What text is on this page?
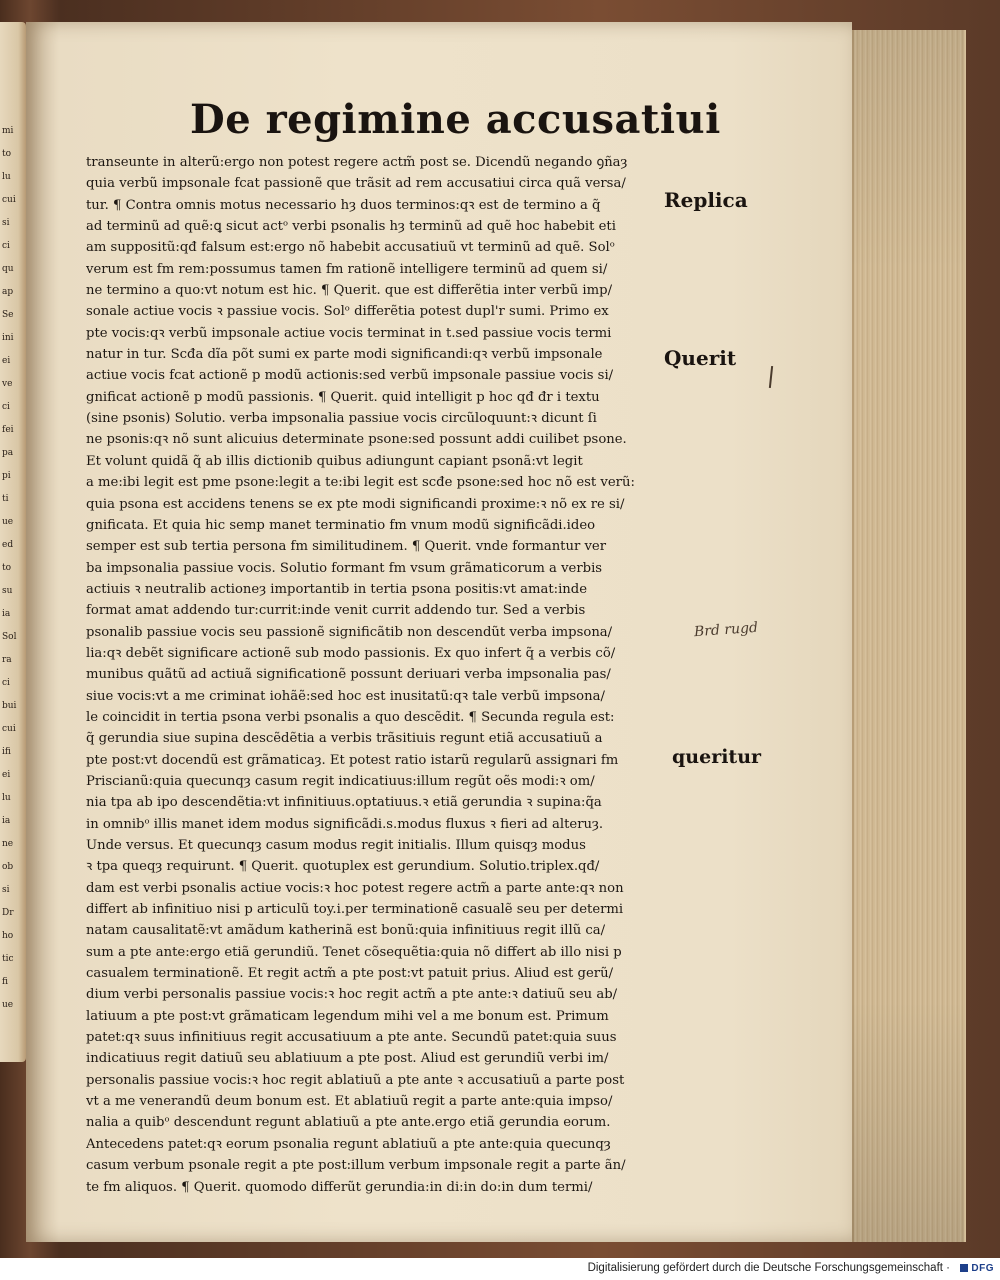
mi
to
lu
cui
si
ci
qu
ap
Se
ini
ei
ve
ci
fei
pa
pi
ti
ue
ed
to
su
ia
Sol
ra
ci
bui
cui
ifi
ei
lu
ia
ne
ob
si
Dr
ho
tic
fi
ue
De regimine accusatiui
transeunte in alterũ:ergo non potest regere actm̃ post se. Dicendũ negando ꝯñaȝ
quia verbũ impsonale fcat passionẽ que trãsit ad rem accusatiui circa quã versa/
tur. ¶ Contra omnis motus necessario hȝ duos terminos:qꝛ est de termino a q̃
ad terminũ ad quẽ:ꝗ sicut actᵒ verbi psonalis hȝ terminũ ad quẽ hoc habebit eti
am suppositũ:qđ falsum est:ergo nõ habebit accusatiuũ vt terminũ ad quẽ. Solᵒ
verum est fm rem:possumus tamen fm rationẽ intelligere terminũ ad quem si/
ne termino a quo:vt notum est hic. ¶ Querit. que est differẽtia inter verbũ imp/
sonale actiue vocis ꝛ passiue vocis. Solᵒ differẽtia potest dupl'r sumi. Primo ex
pte vocis:qꝛ verbũ impsonale actiue vocis terminat in t.sed passiue vocis termi
natur in tur. Scđa dĩa põt sumi ex parte modi significandi:qꝛ verbũ impsonale
actiue vocis fcat actionẽ p modũ actionis:sed verbũ impsonale passiue vocis si/
gnificat actionẽ p modũ passionis. ¶ Querit. quid intelligit p hoc qđ đr i textu
(sine psonis) Solutio. verba impsonalia passiue vocis circũloquunt:ꝛ dicunt ſi
ne psonis:qꝛ nõ sunt alicuius determinate psone:sed possunt addi cuilibet psone.
Et volunt quidã q̃ ab illis dictionib quibus adiungunt capiant psonã:vt legit
a me:ibi legit est pme psone:legit a te:ibi legit est scđe psone:sed hoc nõ est verũ:
quia psona est accidens tenens se ex pte modi significandi proxime:ꝛ nõ ex re si/
gnificata. Et quia hic semp manet terminatio fm vnum modũ significãdi.ideo
semper est sub tertia persona fm similitudinem. ¶ Querit. vnde formantur ver
ba impsonalia passiue vocis. Solutio formant fm vsum grãmaticorum a verbis
actiuis ꝛ neutralib actioneȝ importantib in tertia psona positis:vt amat:inde
format amat addendo tur:currit:inde venit currit addendo tur. Sed a verbis
psonalib passiue vocis seu passionẽ significãtib non descendũt verba impsona/
lia:qꝛ debẽt significare actionẽ sub modo passionis. Ex quo infert q̃ a verbis cõ/
munibus quãtũ ad actiuã significationẽ possunt deriuari verba impsonalia pas/
siue vocis:vt a me criminat iohãẽ:sed hoc est inusitatũ:qꝛ tale verbũ impsona/
le coincidit in tertia psona verbi psonalis a quo descẽdit. ¶ Secunda regula est:
q̃ gerundia siue supina descẽdẽtia a verbis trãsitiuis regunt etiã accusatiuũ a
pte post:vt docendũ est grãmaticaȝ. Et potest ratio istarũ regularũ assignari fm
Priscianũ:quia quecunqȝ casum regit indicatiuus:illum regũt oẽs modi:ꝛ om/
nia tpa ab ipo descendẽtia:vt infinitiuus.optatiuus.ꝛ etiã gerundia ꝛ supina:q̃a
in omnibᵒ illis manet idem modus significãdi.s.modus fluxus ꝛ fieri ad alteruȝ.
Unde versus. Et quecunqȝ casum modus regit initialis. Illum quisqȝ modus
ꝛ tpa queqȝ requirunt. ¶ Querit. quotuplex est gerundium. Solutio.triplex.qđ/
dam est verbi psonalis actiue vocis:ꝛ hoc potest regere actm̃ a parte ante:qꝛ non
differt ab infinitiuo nisi p articulũ toy.i.per terminationẽ casualẽ seu per determi
natam causalitatẽ:vt amãdum katherinã est bonũ:quia infinitiuus regit illũ ca/
sum a pte ante:ergo etiã gerundiũ. Tenet cõsequẽtia:quia nõ differt ab illo nisi p
casualem terminationẽ. Et regit actm̃ a pte post:vt patuit prius. Aliud est gerũ/
dium verbi personalis passiue vocis:ꝛ hoc regit actm̃ a pte ante:ꝛ datiuũ seu ab/
latiuum a pte post:vt grãmaticam legendum mihi vel a me bonum est. Primum
patet:qꝛ suus infinitiuus regit accusatiuum a pte ante. Secundũ patet:quia suus
indicatiuus regit datiuũ seu ablatiuum a pte post. Aliud est gerundiũ verbi im/
personalis passiue vocis:ꝛ hoc regit ablatiuũ a pte ante ꝛ accusatiuũ a parte post
vt a me venerandũ deum bonum est. Et ablatiuũ regit a parte ante:quia impso/
nalia a quibᵒ descendunt regunt ablatiuũ a pte ante.ergo etiã gerundia eorum.
Antecedens patet:qꝛ eorum psonalia regunt ablatiuũ a pte ante:quia quecunqȝ
casum verbum psonale regit a pte post:illum verbum impsonale regit a parte ãn/
te fm aliquos. ¶ Querit. quomodo differũt gerundia:in di:in do:in dum termi/
Replica
Querit
Brd rugd
queritur
Digitalisierung gefördert durch die Deutsche Forschungsgemeinschaft ·	DFG
